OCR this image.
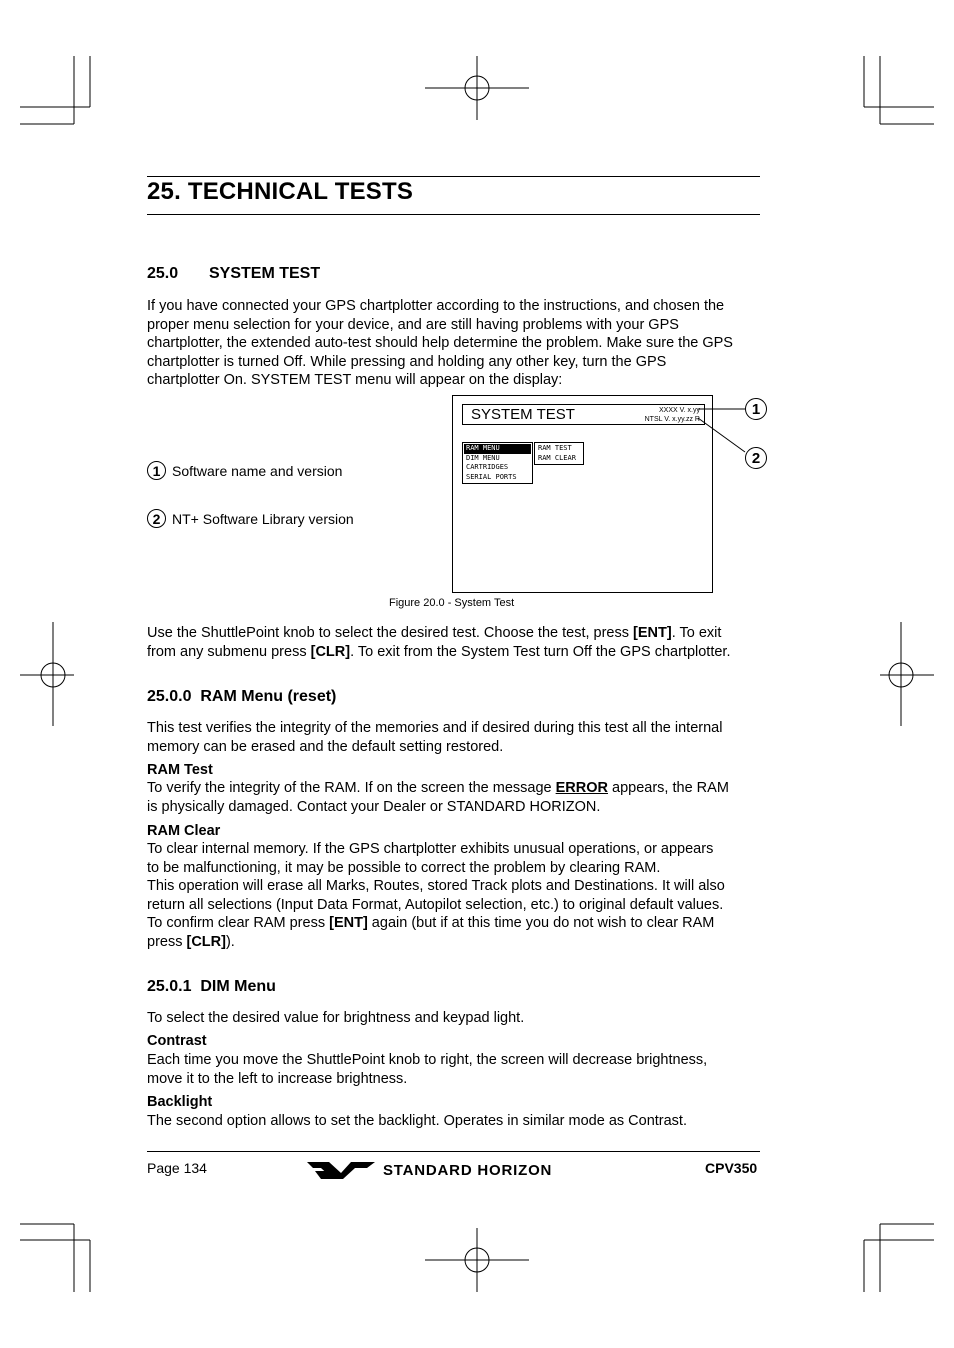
25. TECHNICAL TESTS
25.0 SYSTEM TEST
If you have connected your GPS chartplotter according to the instructions, and chosen the
proper menu selection for your device, and are still having problems with your GPS
chartplotter, the extended auto-test should help determine the problem. Make sure the GPS
chartplotter is turned Off. While pressing and holding any other key, turn the GPS
chartplotter On. SYSTEM TEST menu will appear on the display:
1 Software name and version
2 NT+ Software Library version
SYSTEM TEST	XXXX V. x.yy
NTSL V. x.yy.zz R
RAM MENU
DIM MENU
CARTRIDGES
SERIAL PORTS
RAM TEST
RAM CLEAR
1
2
Figure 20.0 - System Test
Use the ShuttlePoint knob to select the desired test. Choose the test, press [ENT]. To exit
from any submenu press [CLR]. To exit from the System Test turn Off the GPS chartplotter.
25.0.0 RAM Menu (reset)
This test verifies the integrity of the memories and if desired during this test all the internal
memory can be erased and the default setting restored.
RAM Test
To verify the integrity of the RAM. If on the screen the message ERROR appears, the RAM
is physically damaged. Contact your Dealer or STANDARD HORIZON.
RAM Clear
To clear internal memory. If the GPS chartplotter exhibits unusual operations, or appears
to be malfunctioning, it may be possible to correct the problem by clearing RAM.
This operation will erase all Marks, Routes, stored Track plots and Destinations. It will also
return all selections (Input Data Format, Autopilot selection, etc.) to original default values.
To confirm clear RAM press [ENT] again (but if at this time you do not wish to clear RAM
press [CLR]).
25.0.1 DIM Menu
To select the desired value for brightness and keypad light.
Contrast
Each time you move the ShuttlePoint knob to right, the screen will decrease brightness,
move it to the left to increase brightness.
Backlight
The second option allows to set the backlight. Operates in similar mode as Contrast.
Page 134	STANDARD HORIZON	CPV350
